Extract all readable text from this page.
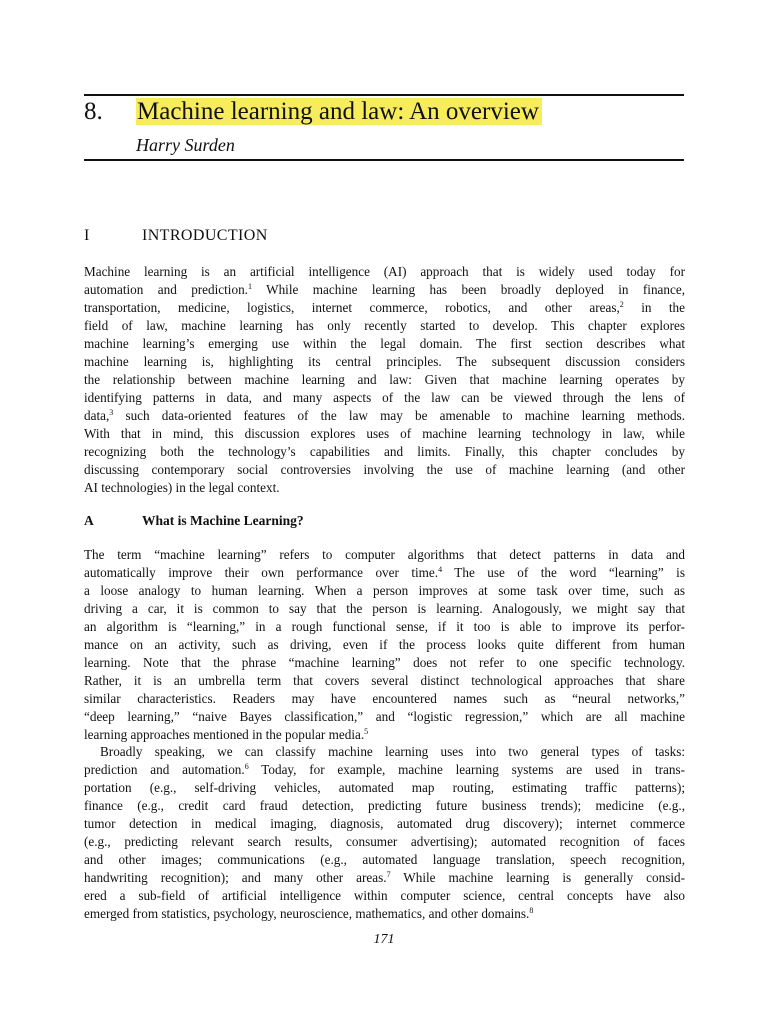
8. Machine learning and law: An overview
Harry Surden
I	INTRODUCTION
Machine learning is an artificial intelligence (AI) approach that is widely used today for
automation and prediction.$^1$ While machine learning has been broadly deployed in finance,
transportation, medicine, logistics, internet commerce, robotics, and other areas,$^2$ in the
field of law, machine learning has only recently started to develop. This chapter explores
machine learning’s emerging use within the legal domain. The first section describes what
machine learning is, highlighting its central principles. The subsequent discussion considers
the relationship between machine learning and law: Given that machine learning operates by
identifying patterns in data, and many aspects of the law can be viewed through the lens of
data,$^3$ such data-oriented features of the law may be amenable to machine learning methods.
With that in mind, this discussion explores uses of machine learning technology in law, while
recognizing both the technology’s capabilities and limits. Finally, this chapter concludes by
discussing contemporary social controversies involving the use of machine learning (and other
AI technologies) in the legal context.
A	What is Machine Learning?
The term “machine learning” refers to computer algorithms that detect patterns in data and
automatically improve their own performance over time.$^4$ The use of the word “learning” is
a loose analogy to human learning. When a person improves at some task over time, such as
driving a car, it is common to say that the person is learning. Analogously, we might say that
an algorithm is “learning,” in a rough functional sense, if it too is able to improve its perfor-
mance on an activity, such as driving, even if the process looks quite different from human
learning. Note that the phrase “machine learning” does not refer to one specific technology.
Rather, it is an umbrella term that covers several distinct technological approaches that share
similar characteristics. Readers may have encountered names such as “neural networks,”
“deep learning,” “naive Bayes classification,” and “logistic regression,” which are all machine
learning approaches mentioned in the popular media.$^5$
Broadly speaking, we can classify machine learning uses into two general types of tasks:
prediction and automation.$^6$ Today, for example, machine learning systems are used in trans-
portation (e.g., self-driving vehicles, automated map routing, estimating traffic patterns);
finance (e.g., credit card fraud detection, predicting future business trends); medicine (e.g.,
tumor detection in medical imaging, diagnosis, automated drug discovery); internet commerce
(e.g., predicting relevant search results, consumer advertising); automated recognition of faces
and other images; communications (e.g., automated language translation, speech recognition,
handwriting recognition); and many other areas.$^7$ While machine learning is generally consid-
ered a sub-field of artificial intelligence within computer science, central concepts have also
emerged from statistics, psychology, neuroscience, mathematics, and other domains.$^8$
171
